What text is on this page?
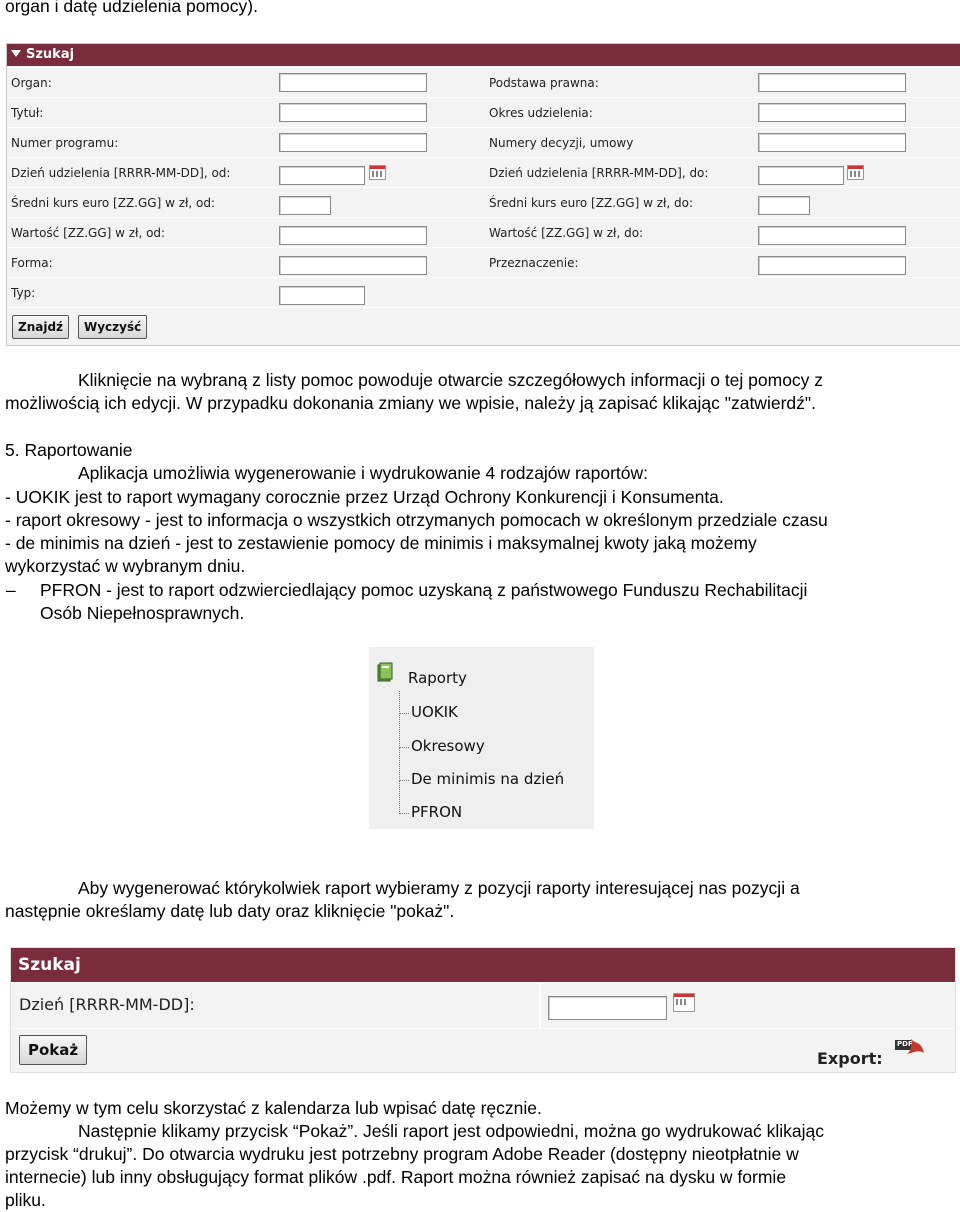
organ i datę udzielenia pomocy).
Szukaj
Organ:	Podstawa prawna:
Tytuł:	Okres udzielenia:
Numer programu:	Numery decyzji, umowy
Dzień udzielenia [RRRR-MM-DD], od:	Dzień udzielenia [RRRR-MM-DD], do:
Średni kurs euro [ZZ.GG] w zł, od:	Średni kurs euro [ZZ.GG] w zł, do:
Wartość [ZZ.GG] w zł, od:	Wartość [ZZ.GG] w zł, do:
Forma:	Przeznaczenie:
Typ:
Znajdź	Wyczyść
Kliknięcie na wybraną z listy pomoc powoduje otwarcie szczegółowych informacji o tej pomocy z
możliwością ich edycji. W przypadku dokonania zmiany we wpisie, należy ją zapisać klikając "zatwierdź".
5. Raportowanie
Aplikacja umożliwia wygenerowanie i wydrukowanie 4 rodzajów raportów:
- UOKIK jest to raport wymagany corocznie przez Urząd Ochrony Konkurencji i Konsumenta.
- raport okresowy - jest to informacja o wszystkich otrzymanych pomocach w określonym przedziale czasu
- de minimis na dzień - jest to zestawienie pomocy de minimis i maksymalnej kwoty jaką możemy
wykorzystać w wybranym dniu.
– PFRON - jest to raport odzwierciedlający pomoc uzyskaną z państwowego Funduszu Rechabilitacji
Osób Niepełnosprawnych.
Raporty
UOKIK
Okresowy
De minimis na dzień
PFRON
Aby wygenerować którykolwiek raport wybieramy z pozycji raporty interesującej nas pozycji a
następnie określamy datę lub daty oraz kliknięcie "pokaż".
Szukaj
Dzień [RRRR-MM-DD]:
Pokaż	Export:
PDF
Możemy w tym celu skorzystać z kalendarza lub wpisać datę ręcznie.
Następnie klikamy przycisk “Pokaż”. Jeśli raport jest odpowiedni, można go wydrukować klikając
przycisk “drukuj”. Do otwarcia wydruku jest potrzebny program Adobe Reader (dostępny nieotpłatnie w
internecie) lub inny obsługujący format plików .pdf. Raport można również zapisać na dysku w formie
pliku.
